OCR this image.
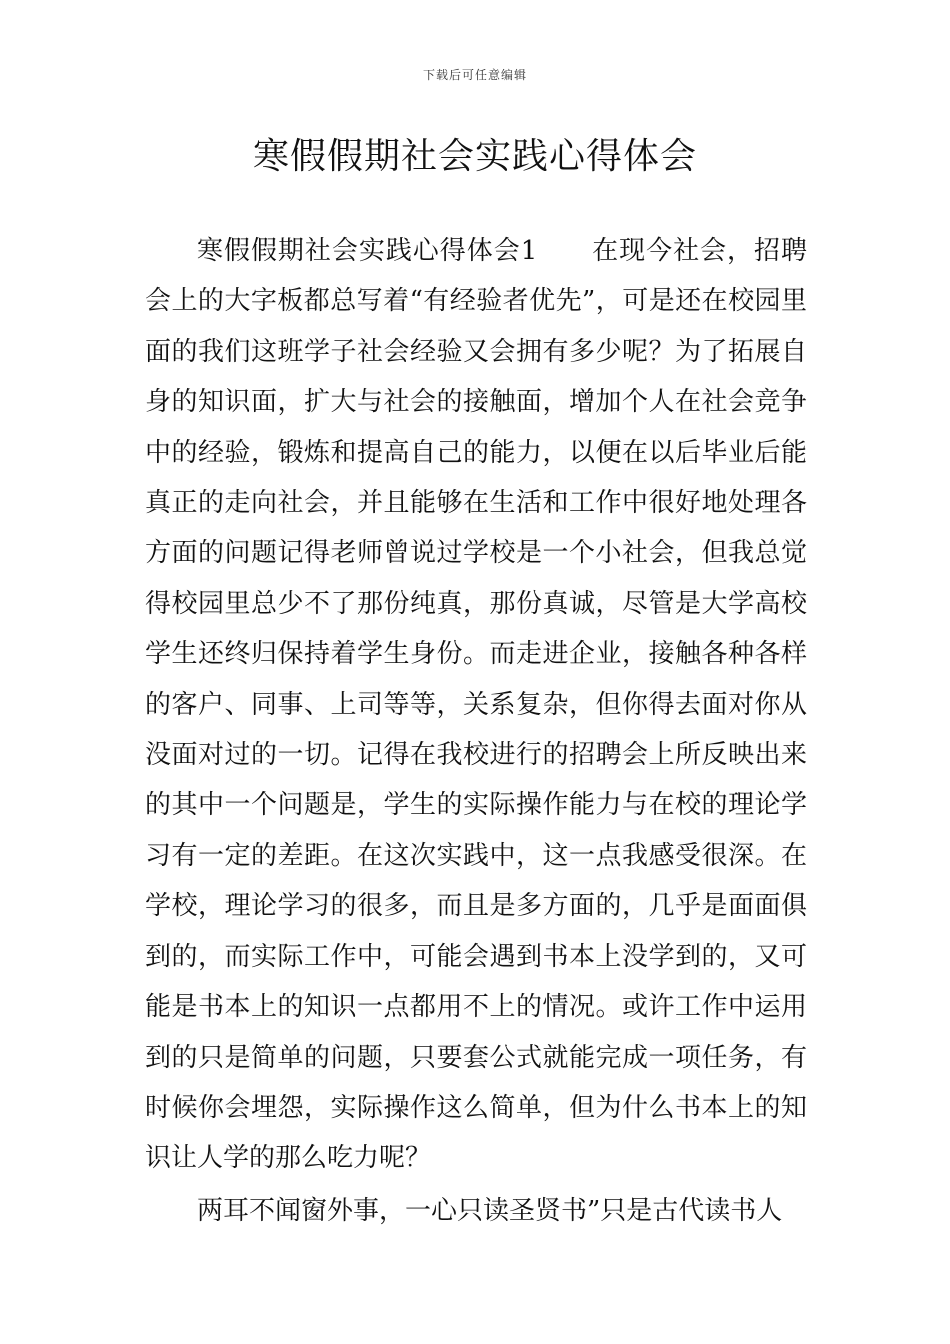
下载后可任意编辑
寒假假期社会实践心得体会

寒假假期社会实践心得体会1　　在现今社会，招聘会上的大字板都总写着“有经验者优先”，可是还在校园里面的我们这班学子社会经验又会拥有多少呢？为了拓展自身的知识面，扩大与社会的接触面，增加个人在社会竞争中的经验，锻炼和提高自己的能力，以便在以后毕业后能真正的走向社会，并且能够在生活和工作中很好地处理各方面的问题记得老师曾说过学校是一个小社会，但我总觉得校园里总少不了那份纯真，那份真诚，尽管是大学高校学生还终归保持着学生身份。而走进企业，接触各种各样的客户、同事、上司等等，关系复杂，但你得去面对你从没面对过的一切。记得在我校进行的招聘会上所反映出来的其中一个问题是，学生的实际操作能力与在校的理论学习有一定的差距。在这次实践中，这一点我感受很深。在学校，理论学习的很多，而且是多方面的，几乎是面面俱到的，而实际工作中，可能会遇到书本上没学到的，又可能是书本上的知识一点都用不上的情况。或许工作中运用到的只是简单的问题，只要套公式就能完成一项任务，有时候你会埋怨，实际操作这么简单，但为什么书本上的知识让人学的那么吃力呢？

两耳不闻窗外事，一心只读圣贤书”只是古代读书人
